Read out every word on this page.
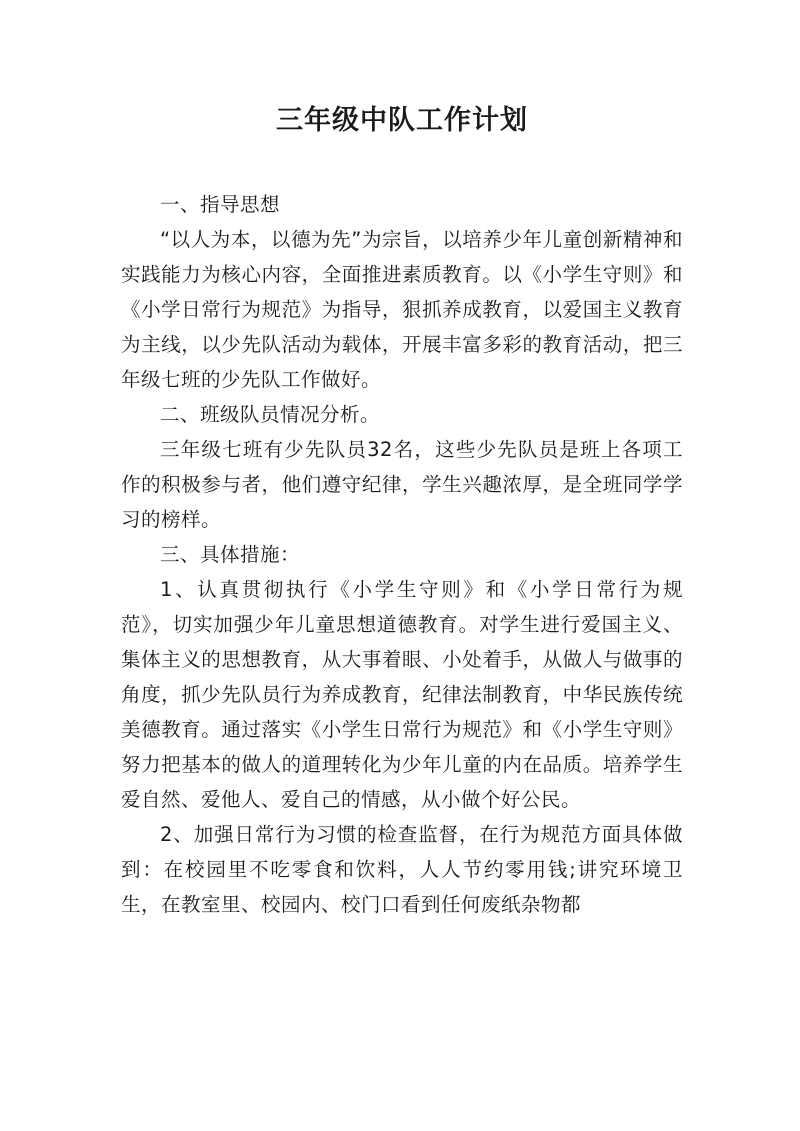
三年级中队工作计划

一、指导思想

“以人为本，以德为先”为宗旨，以培养少年儿童创新精神和实践能力为核心内容，全面推进素质教育。以《小学生守则》和《小学日常行为规范》为指导，狠抓养成教育，以爱国主义教育为主线，以少先队活动为载体，开展丰富多彩的教育活动，把三年级七班的少先队工作做好。

二、班级队员情况分析。

三年级七班有少先队员32名，这些少先队员是班上各项工作的积极参与者，他们遵守纪律，学生兴趣浓厚，是全班同学学习的榜样。

三、具体措施：

1、认真贯彻执行《小学生守则》和《小学日常行为规范》，切实加强少年儿童思想道德教育。对学生进行爱国主义、集体主义的思想教育，从大事着眼、小处着手，从做人与做事的角度，抓少先队员行为养成教育，纪律法制教育，中华民族传统美德教育。通过落实《小学生日常行为规范》和《小学生守则》努力把基本的做人的道理转化为少年儿童的内在品质。培养学生爱自然、爱他人、爱自己的情感，从小做个好公民。

2、加强日常行为习惯的检查监督，在行为规范方面具体做到：在校园里不吃零食和饮料，人人节约零用钱;讲究环境卫生，在教室里、校园内、校门口看到任何废纸杂物都
